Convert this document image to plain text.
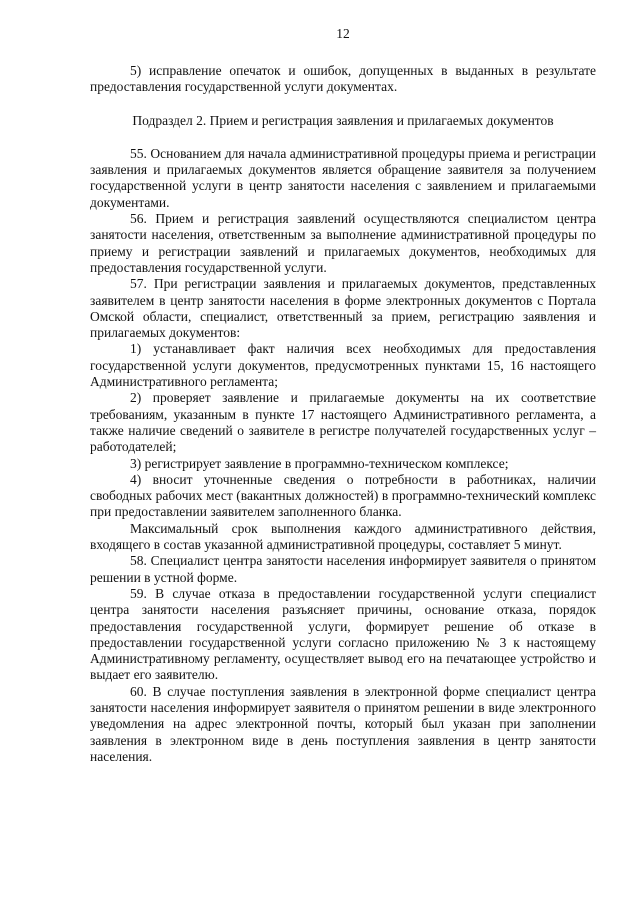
12

5) исправление опечаток и ошибок, допущенных в выданных в результате предоставления государственной услуги документах.

Подраздел 2. Прием и регистрация заявления и прилагаемых документов

55. Основанием для начала административной процедуры приема и регистрации заявления и прилагаемых документов является обращение заявителя за получением государственной услуги в центр занятости населения с заявлением и прилагаемыми документами.

56. Прием и регистрация заявлений осуществляются специалистом центра занятости населения, ответственным за выполнение административной процедуры по приему и регистрации заявлений и прилагаемых документов, необходимых для предоставления государственной услуги.

57. При регистрации заявления и прилагаемых документов, представленных заявителем в центр занятости населения в форме электронных документов с Портала Омской области, специалист, ответственный за прием, регистрацию заявления и прилагаемых документов:

1) устанавливает факт наличия всех необходимых для предоставления государственной услуги документов, предусмотренных пунктами 15, 16 настоящего Административного регламента;

2) проверяет заявление и прилагаемые документы на их соответствие требованиям, указанным в пункте 17 настоящего Административного регламента, а также наличие сведений о заявителе в регистре получателей государственных услуг – работодателей;

3) регистрирует заявление в программно-техническом комплексе;

4) вносит уточненные сведения о потребности в работниках, наличии свободных рабочих мест (вакантных должностей) в программно-технический комплекс при предоставлении заявителем заполненного бланка.

Максимальный срок выполнения каждого административного действия, входящего в состав указанной административной процедуры, составляет 5 минут.

58. Специалист центра занятости населения информирует заявителя о принятом решении в устной форме.

59. В случае отказа в предоставлении государственной услуги специалист центра занятости населения разъясняет причины, основание отказа, порядок предоставления государственной услуги, формирует решение об отказе в предоставлении государственной услуги согласно приложению № 3 к настоящему Административному регламенту, осуществляет вывод его на печатающее устройство и выдает его заявителю.

60. В случае поступления заявления в электронной форме специалист центра занятости населения информирует заявителя о принятом решении в виде электронного уведомления на адрес электронной почты, который был указан при заполнении заявления в электронном виде в день поступления заявления в центр занятости населения.
